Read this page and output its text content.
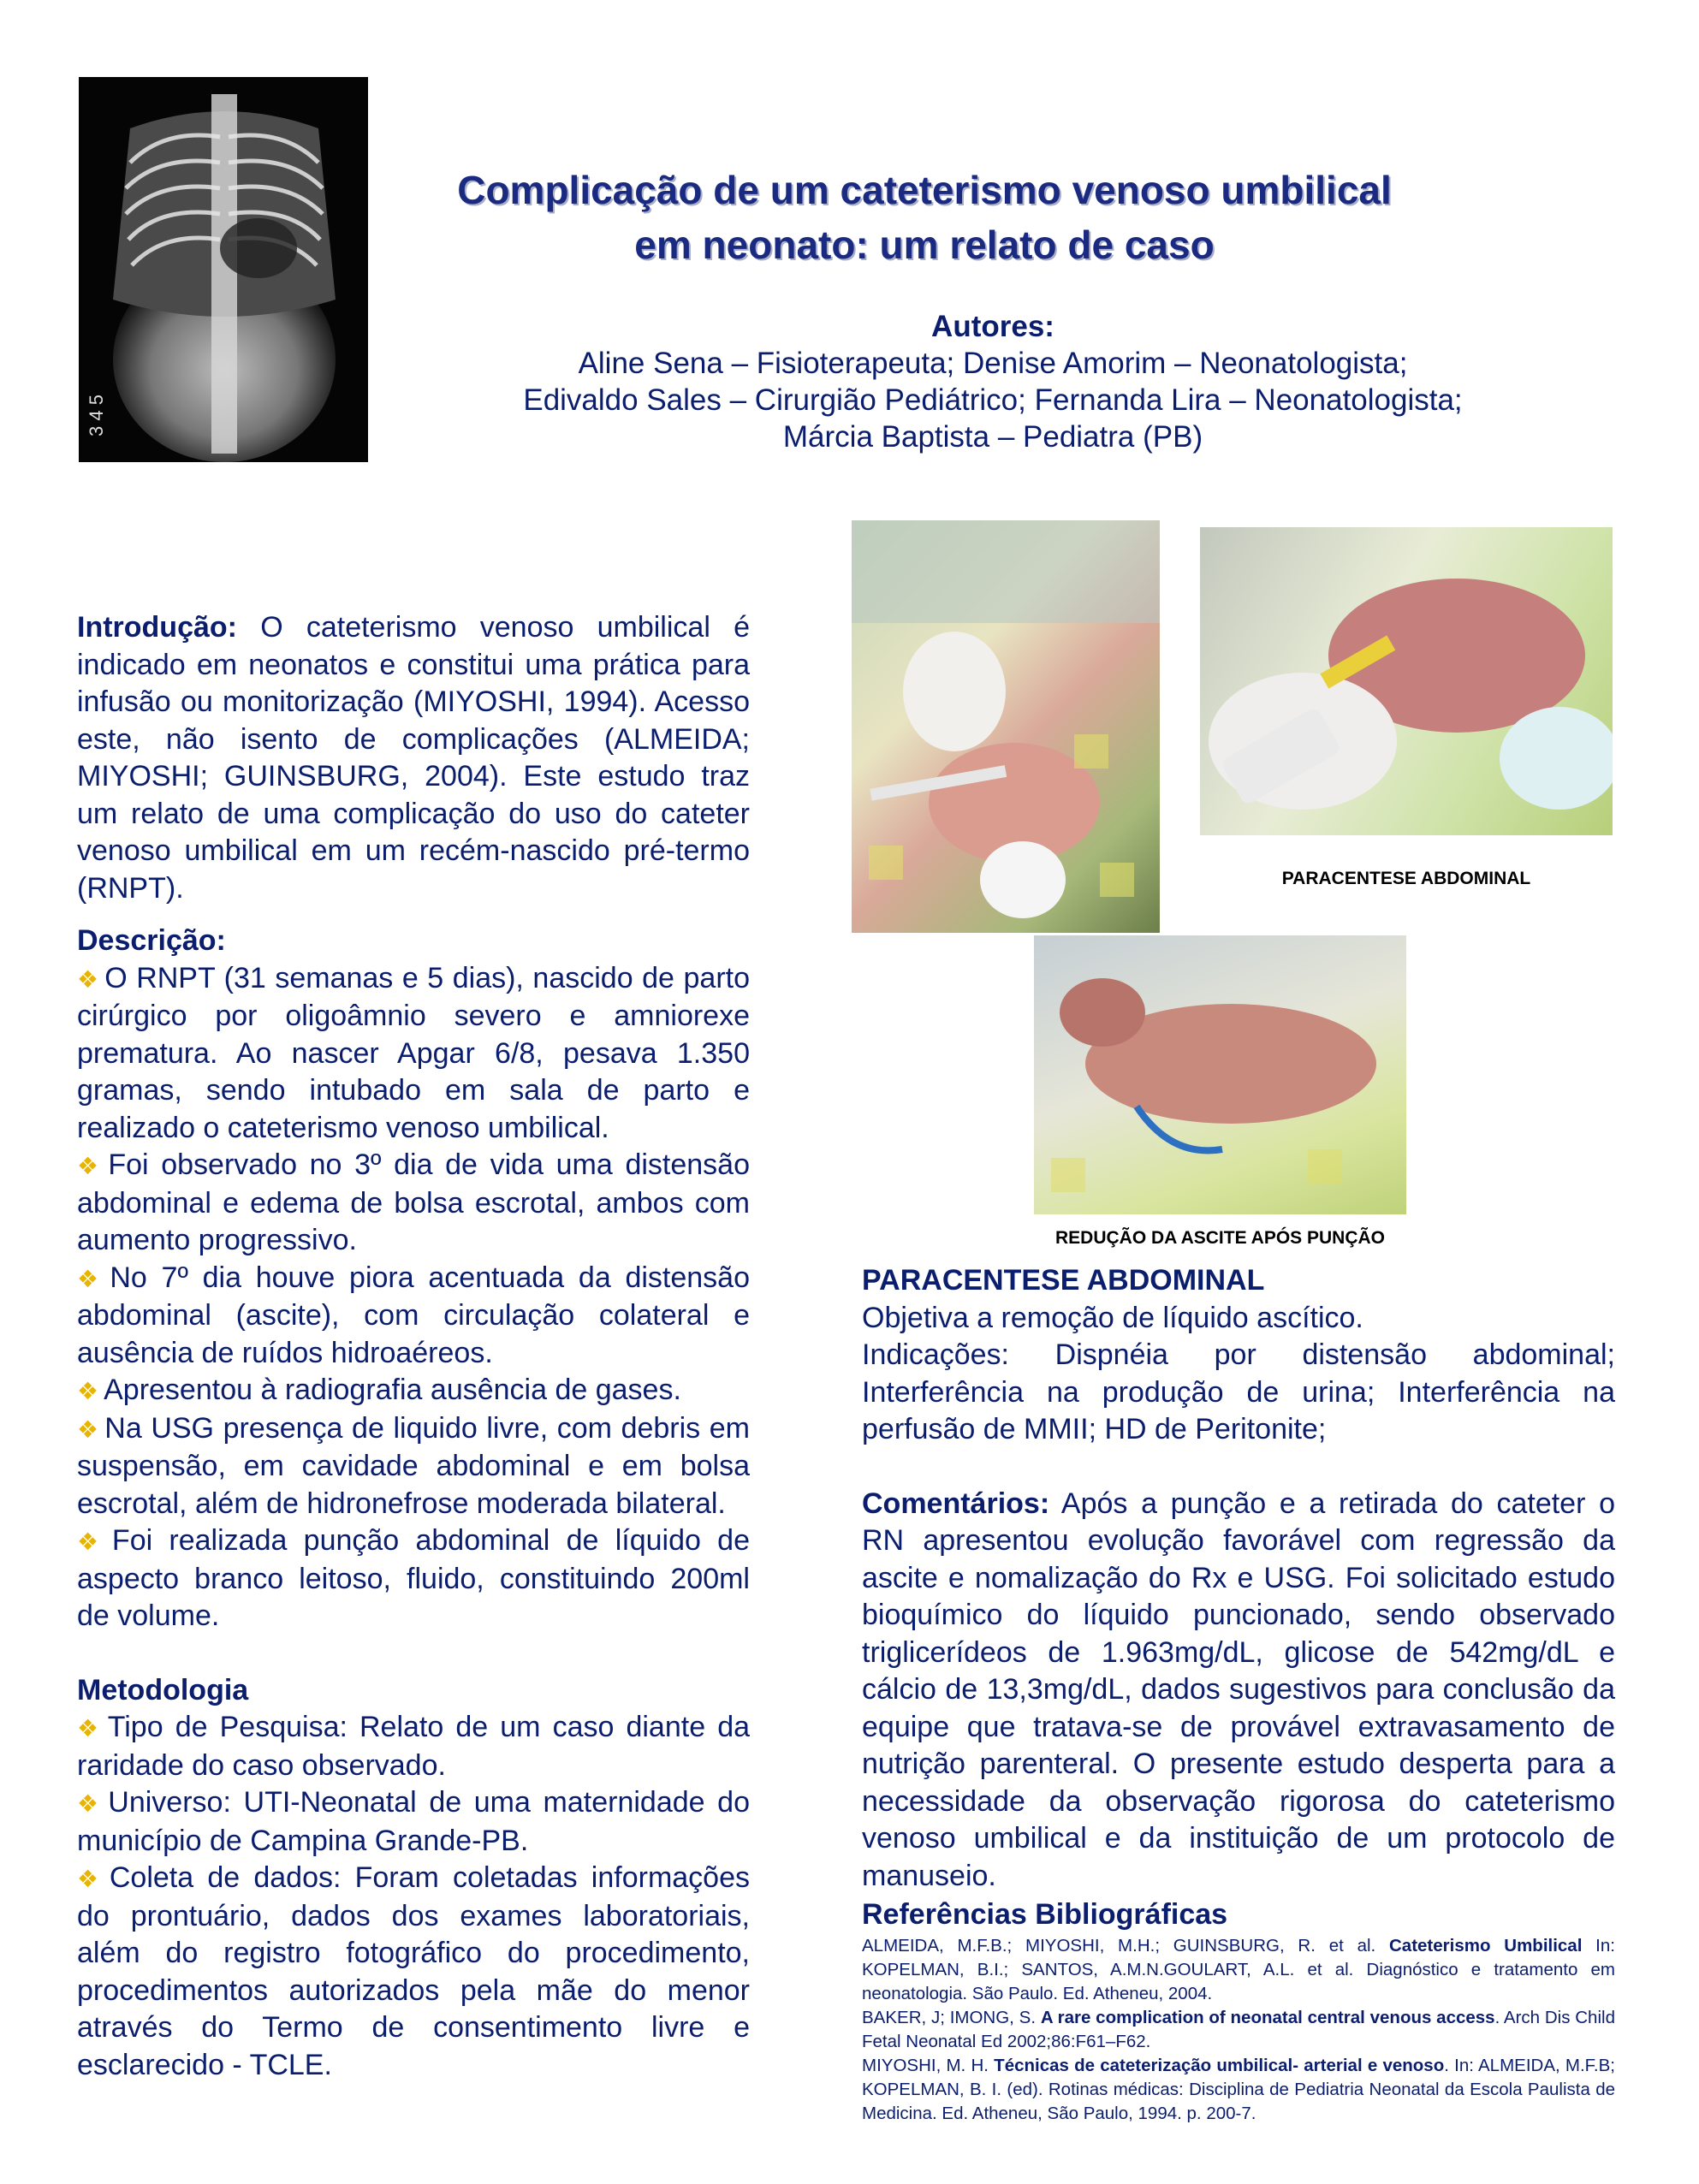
3 4 5
Complicação de um cateterismo venoso umbilical
em neonato: um relato de caso
Autores:
Aline Sena – Fisioterapeuta; Denise Amorim – Neonatologista;
Edivaldo Sales – Cirurgião Pediátrico; Fernanda Lira – Neonatologista;
Márcia Baptista – Pediatra (PB)
PARACENTESE ABDOMINAL
REDUÇÃO DA ASCITE APÓS PUNÇÃO

Introdução: O cateterismo venoso umbilical é indicado em neonatos e constitui uma prática para infusão ou monitorização (MIYOSHI, 1994). Acesso este, não isento de complicações (ALMEIDA; MIYOSHI; GUINSBURG, 2004). Este estudo traz um relato de uma complicação do uso do cateter venoso umbilical em um recém-nascido pré-termo (RNPT).

Descrição:

❖ O RNPT (31 semanas e 5 dias), nascido de parto cirúrgico por oligoâmnio severo e amniorexe prematura. Ao nascer Apgar 6/8, pesava 1.350 gramas, sendo intubado em sala de parto e realizado o cateterismo venoso umbilical.

❖ Foi observado no 3º dia de vida uma distensão abdominal e edema de bolsa escrotal, ambos com aumento progressivo.

❖ No 7º dia houve piora acentuada da distensão abdominal (ascite), com circulação colateral e ausência de ruídos hidroaéreos.

❖ Apresentou à radiografia ausência de gases.

❖ Na USG presença de liquido livre, com debris em suspensão, em cavidade abdominal e em bolsa escrotal, além de hidronefrose moderada bilateral.

❖ Foi realizada punção abdominal de líquido de aspecto branco leitoso, fluido, constituindo 200ml de volume.

Metodologia

❖ Tipo de Pesquisa: Relato de um caso diante da raridade do caso observado.

❖ Universo: UTI-Neonatal de uma maternidade do município de Campina Grande-PB.

❖ Coleta de dados: Foram coletadas informações do prontuário, dados dos exames laboratoriais, além do registro fotográfico do procedimento, procedimentos autorizados pela mãe do menor através do Termo de consentimento livre e esclarecido - TCLE.

PARACENTESE ABDOMINAL

Objetiva a remoção de líquido ascítico.

Indicações: Dispnéia por distensão abdominal; Interferência na produção de urina; Interferência na perfusão de MMII; HD de Peritonite;

Comentários: Após a punção e a retirada do cateter o RN apresentou evolução favorável com regressão da ascite e nomalização do Rx e USG. Foi solicitado estudo bioquímico do líquido puncionado, sendo observado triglicerídeos de 1.963mg/dL, glicose de 542mg/dL e cálcio de 13,3mg/dL, dados sugestivos para conclusão da equipe que tratava-se de provável extravasamento de nutrição parenteral. O presente estudo desperta para a necessidade da observação rigorosa do cateterismo venoso umbilical e da instituição de um protocolo de manuseio.

Referências Bibliográficas

ALMEIDA, M.F.B.; MIYOSHI, M.H.; GUINSBURG, R. et al. Cateterismo Umbilical In: KOPELMAN, B.I.; SANTOS, A.M.N.GOULART, A.L. et al. Diagnóstico e tratamento em neonatologia. São Paulo. Ed. Atheneu, 2004.

BAKER, J; IMONG, S. A rare complication of neonatal central venous access. Arch Dis Child Fetal Neonatal Ed 2002;86:F61–F62.

MIYOSHI, M. H. Técnicas de cateterização umbilical- arterial e venoso. In: ALMEIDA, M.F.B; KOPELMAN, B. I. (ed). Rotinas médicas: Disciplina de Pediatria Neonatal da Escola Paulista de Medicina. Ed. Atheneu, São Paulo, 1994. p. 200-7.
